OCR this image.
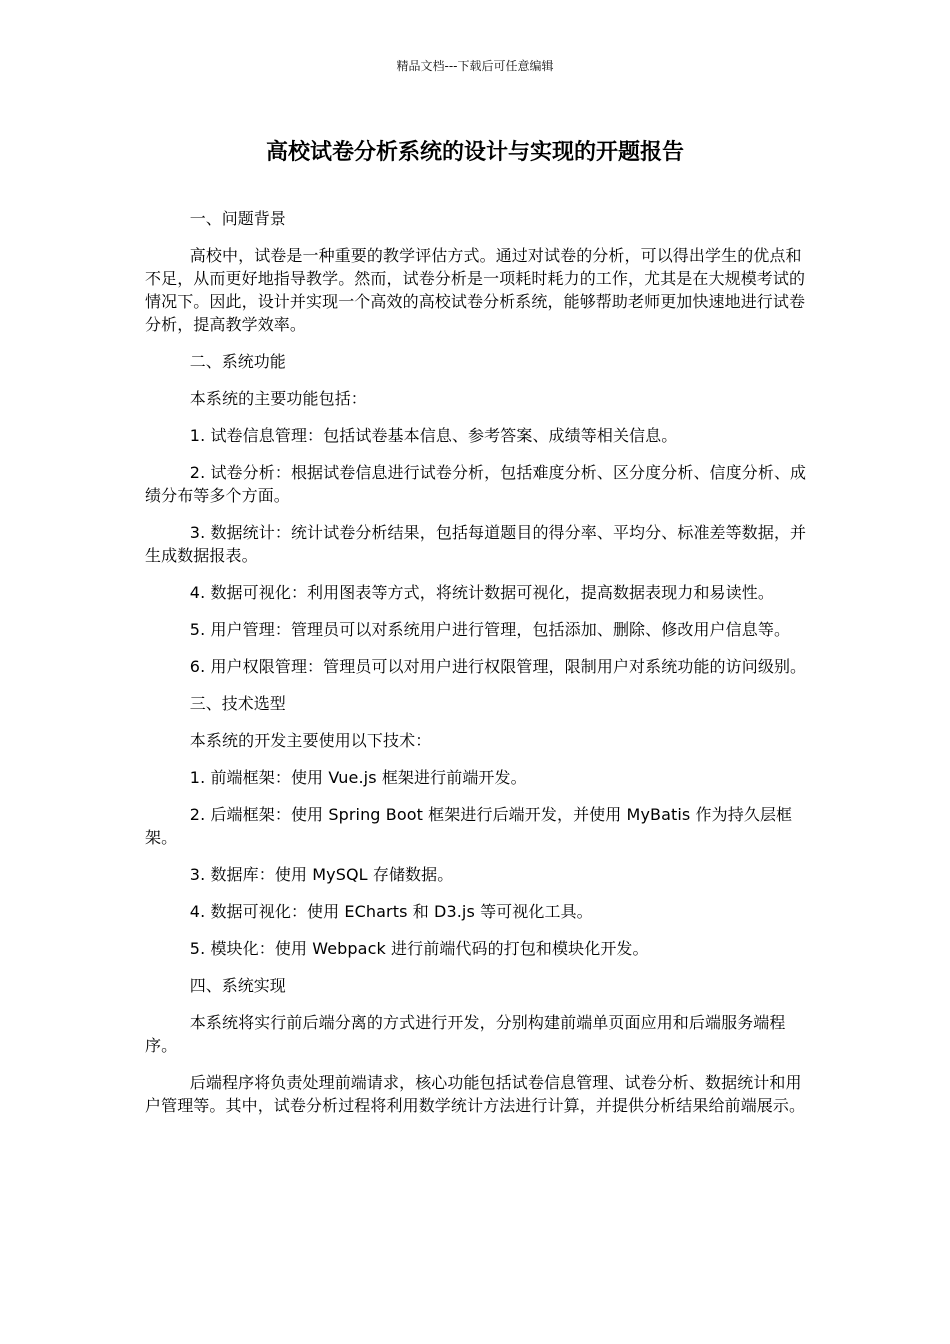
精品文档---下载后可任意编辑
高校试卷分析系统的设计与实现的开题报告

一、问题背景

高校中，试卷是一种重要的教学评估方式。通过对试卷的分析，可以得出学生的优点和不足，从而更好地指导教学。然而，试卷分析是一项耗时耗力的工作，尤其是在大规模考试的情况下。因此，设计并实现一个高效的高校试卷分析系统，能够帮助老师更加快速地进行试卷分析，提高教学效率。

二、系统功能

本系统的主要功能包括：

1. 试卷信息管理：包括试卷基本信息、参考答案、成绩等相关信息。

2. 试卷分析：根据试卷信息进行试卷分析，包括难度分析、区分度分析、信度分析、成绩分布等多个方面。

3. 数据统计：统计试卷分析结果，包括每道题目的得分率、平均分、标准差等数据，并生成数据报表。

4. 数据可视化：利用图表等方式，将统计数据可视化，提高数据表现力和易读性。

5. 用户管理：管理员可以对系统用户进行管理，包括添加、删除、修改用户信息等。

6. 用户权限管理：管理员可以对用户进行权限管理，限制用户对系统功能的访问级别。

三、技术选型

本系统的开发主要使用以下技术：

1. 前端框架：使用 Vue.js 框架进行前端开发。

2. 后端框架：使用 Spring Boot 框架进行后端开发，并使用 MyBatis 作为持久层框架。

3. 数据库：使用 MySQL 存储数据。

4. 数据可视化：使用 ECharts 和 D3.js 等可视化工具。

5. 模块化：使用 Webpack 进行前端代码的打包和模块化开发。

四、系统实现

本系统将实行前后端分离的方式进行开发，分别构建前端单页面应用和后端服务端程序。

后端程序将负责处理前端请求，核心功能包括试卷信息管理、试卷分析、数据统计和用户管理等。其中，试卷分析过程将利用数学统计方法进行计算，并提供分析结果给前端展示。
